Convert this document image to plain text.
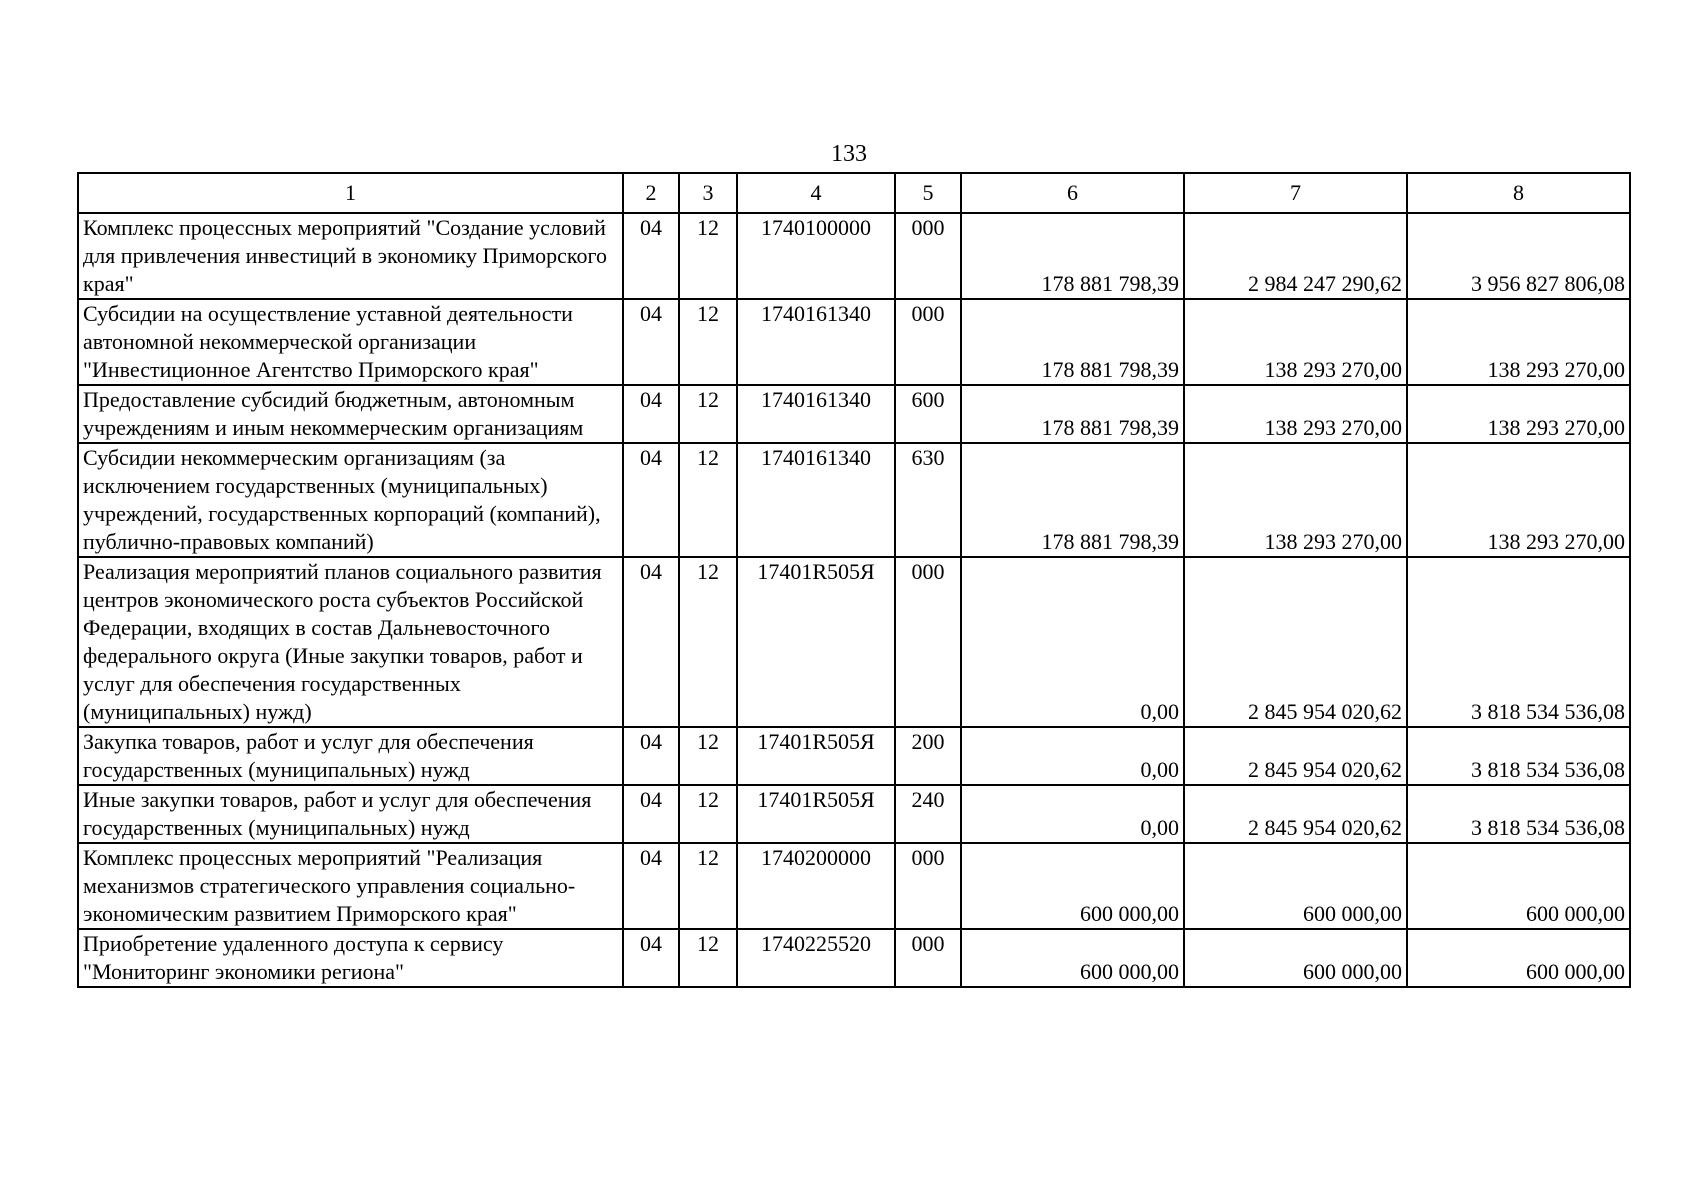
133
1	2	3	4	5	6	7	8
Комплекс процессных мероприятий "Создание условий для привлечения инвестиций в экономику Приморского края"	04	12	1740100000	000	178 881 798,39	2 984 247 290,62	3 956 827 806,08
Субсидии на осуществление уставной деятельности автономной некоммерческой организации "Инвестиционное Агентство Приморского края"	04	12	1740161340	000	178 881 798,39	138 293 270,00	138 293 270,00
Предоставление субсидий бюджетным, автономным учреждениям и иным некоммерческим организациям	04	12	1740161340	600	178 881 798,39	138 293 270,00	138 293 270,00
Субсидии некоммерческим организациям (за исключением государственных (муниципальных) учреждений, государственных корпораций (компаний), публично-правовых компаний)	04	12	1740161340	630	178 881 798,39	138 293 270,00	138 293 270,00
Реализация мероприятий планов социального развития центров экономического роста субъектов Российской Федерации, входящих в состав Дальневосточного федерального округа (Иные закупки товаров, работ и услуг для обеспечения государственных (муниципальных) нужд)	04	12	17401R505Я	000	0,00	2 845 954 020,62	3 818 534 536,08
Закупка товаров, работ и услуг для обеспечения государственных (муниципальных) нужд	04	12	17401R505Я	200	0,00	2 845 954 020,62	3 818 534 536,08
Иные закупки товаров, работ и услуг для обеспечения государственных (муниципальных) нужд	04	12	17401R505Я	240	0,00	2 845 954 020,62	3 818 534 536,08
Комплекс процессных мероприятий "Реализация механизмов стратегического управления социально-экономическим развитием Приморского края"	04	12	1740200000	000	600 000,00	600 000,00	600 000,00
Приобретение удаленного доступа к сервису "Мониторинг экономики региона"	04	12	1740225520	000	600 000,00	600 000,00	600 000,00
